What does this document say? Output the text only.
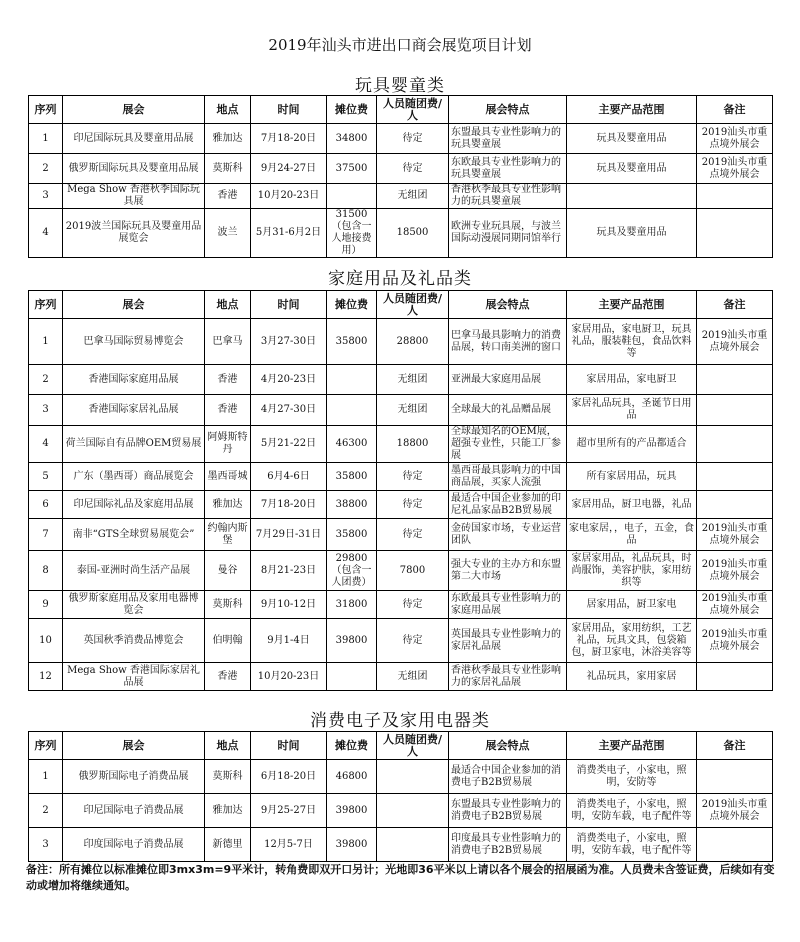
2019年汕头市进出口商会展览项目计划
玩具婴童类
序列	展会	地点	时间	摊位费	人员随团费/人	展会特点	主要产品范围	备注
1	印尼国际玩具及婴童用品展	雅加达	7月18-20日	34800	待定	东盟最具专业性影响力的玩具婴童展	玩具及婴童用品	2019汕头市重点境外展会
2	俄罗斯国际玩具及婴童用品展	莫斯科	9月24-27日	37500	待定	东欧最具专业性影响力的玩具婴童展	玩具及婴童用品	2019汕头市重点境外展会
3	Mega Show 香港秋季国际玩具展	香港	10月20-23日		无组团	香港秋季最具专业性影响力的玩具婴童展		
4	2019波兰国际玩具及婴童用品展览会	波兰	5月31-6月2日	31500（包含一人地接费用）	18500	欧洲专业玩具展，与波兰国际动漫展同期同馆举行	玩具及婴童用品	
家庭用品及礼品类
序列	展会	地点	时间	摊位费	人员随团费/人	展会特点	主要产品范围	备注
1	巴拿马国际贸易博览会	巴拿马	3月27-30日	35800	28800	巴拿马最具影响力的消费品展，转口南美洲的窗口	家居用品，家电厨卫，玩具礼品，服装鞋包，食品饮料等	2019汕头市重点境外展会
2	香港国际家庭用品展	香港	4月20-23日		无组团	亚洲最大家庭用品展	家居用品，家电厨卫	
3	香港国际家居礼品展	香港	4月27-30日		无组团	全球最大的礼品赠品展	家居礼品玩具，圣诞节日用品	
4	荷兰国际自有品牌OEM贸易展	阿姆斯特丹	5月21-22日	46300	18800	全球最知名的OEM展，超强专业性，只能工厂参展	超市里所有的产品都适合	
5	广东（墨西哥）商品展览会	墨西哥城	6月4-6日	35800	待定	墨西哥最具影响力的中国商品展，买家人流强	所有家居用品，玩具	
6	印尼国际礼品及家庭用品展	雅加达	7月18-20日	38800	待定	最适合中国企业参加的印尼礼品家品B2B贸易展	家居用品，厨卫电器，礼品	
7	南非“GTS全球贸易展览会”	约翰内斯堡	7月29日-31日	35800	待定	金砖国家市场，专业运营团队	家电家居，，电子，五金，食品	2019汕头市重点境外展会
8	泰国-亚洲时尚生活产品展	曼谷	8月21-23日	29800（包含一人团费）	7800	强大专业的主办方和东盟第二大市场	家居家用品，礼品玩具，时尚服饰，美容护肤，家用纺织等	2019汕头市重点境外展会
9	俄罗斯家庭用品及家用电器博览会	莫斯科	9月10-12日	31800	待定	东欧最具专业性影响力的家庭用品展	居家用品，厨卫家电	2019汕头市重点境外展会
10	英国秋季消费品博览会	伯明翰	9月1-4日	39800	待定	英国最具专业性影响力的家居礼品展	家居用品，家用纺织，工艺礼品，玩具文具，包袋箱包，厨卫家电，沐浴美容等	2019汕头市重点境外展会
12	Mega Show 香港国际家居礼品展	香港	10月20-23日		无组团	香港秋季最具专业性影响力的家居礼品展	礼品玩具，家用家居	
消费电子及家用电器类
序列	展会	地点	时间	摊位费	人员随团费/人	展会特点	主要产品范围	备注
1	俄罗斯国际电子消费品展	莫斯科	6月18-20日	46800		最适合中国企业参加的消费电子B2B贸易展	消费类电子，小家电，照明，安防等	
2	印尼国际电子消费品展	雅加达	9月25-27日	39800		东盟最具专业性影响力的消费电子B2B贸易展	消费类电子，小家电，照明，安防车载，电子配件等	2019汕头市重点境外展会
3	印度国际电子消费品展	新德里	12月5-7日	39800		印度最具专业性影响力的消费电子B2B贸易展	消费类电子，小家电，照明，安防车载，电子配件等	
备注：所有摊位以标准摊位即3mx3m=9平米计，转角费即双开口另计；光地即36平米以上请以各个展会的招展函为准。人员费未含签证费，后续如有变动或增加将继续通知。
